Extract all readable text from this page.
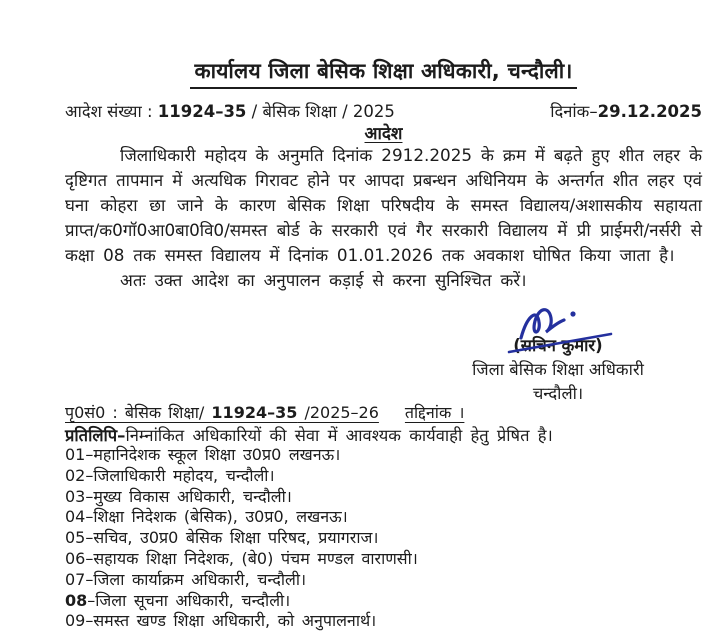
कार्यालय जिला बेसिक शिक्षा अधिकारी, चन्दौली।
आदेश संख्या : 11924–35 / बेसिक शिक्षा / 2025	दिनांक–29.12.2025
आदेश

जिलाधिकारी महोदय के अनुमति दिनांक 2912.2025 के क्रम में बढ़ते हुए शीत लहर के दृष्टिगत तापमान में अत्यधिक गिरावट होने पर आपदा प्रबन्धन अधिनियम के अन्तर्गत शीत लहर एवं घना कोहरा छा जाने के कारण बेसिक शिक्षा परिषदीय के समस्त विद्यालय/अशासकीय सहायता प्राप्त/क0गॉ0आ0बा0वि0/समस्त बोर्ड के सरकारी एवं गैर सरकारी विद्यालय में प्री प्राईमरी/नर्सरी से कक्षा 08 तक समस्त विद्यालय में दिनांक 01.01.2026 तक अवकाश घोषित किया जाता है।

अतः उक्त आदेश का अनुपालन कड़ाई से करना सुनिश्चित करें।

(सचिन कुमार)
जिला बेसिक शिक्षा अधिकारी
चन्दौली।
पृ0सं0 : बेसिक शिक्षा/ 11924–35 /2025–26 तद्दिनांक ।
प्रतिलिपि–निम्नांकित अधिकारियों की सेवा में आवश्यक कार्यवाही हेतु प्रेषित है।
01–महानिदेशक स्कूल शिक्षा उ0प्र0 लखनऊ।
02–जिलाधिकारी महोदय, चन्दौली।
03–मुख्य विकास अधिकारी, चन्दौली।
04–शिक्षा निदेशक (बेसिक), उ0प्र0, लखनऊ।
05–सचिव, उ0प्र0 बेसिक शिक्षा परिषद, प्रयागराज।
06–सहायक शिक्षा निदेशक, (बे0) पंचम मण्डल वाराणसी।
07–जिला कार्याक्रम अधिकारी, चन्दौली।
08–जिला सूचना अधिकारी, चन्दौली।
09–समस्त खण्ड शिक्षा अधिकारी, को अनुपालनार्थ।
